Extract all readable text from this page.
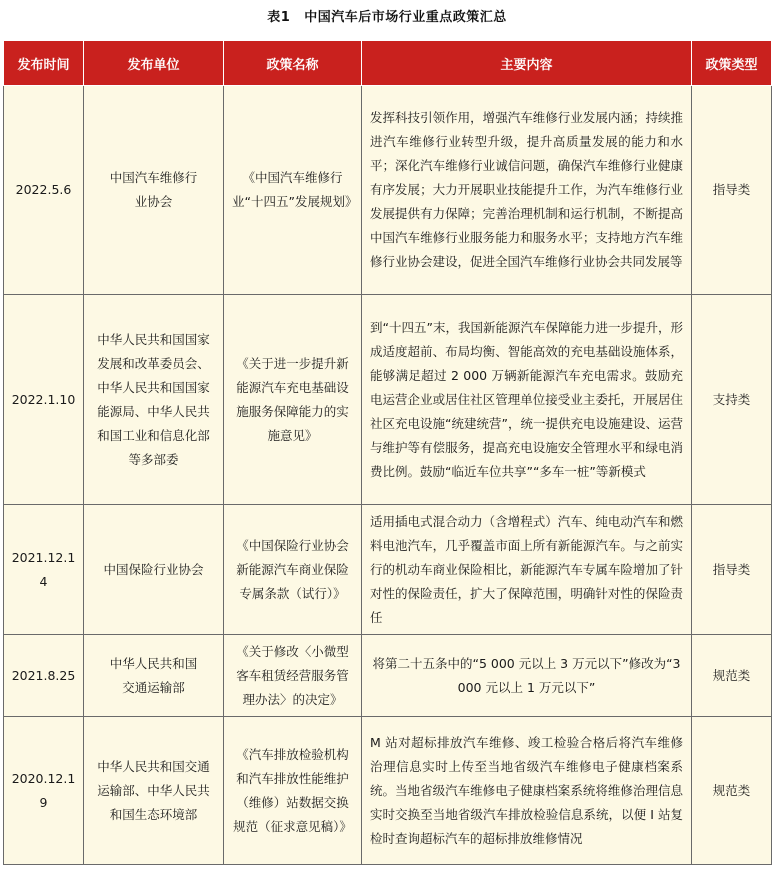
表1 中国汽车后市场行业重点政策汇总
发布时间	发布单位	政策名称	主要内容	政策类型
2022.5.6	中国汽车维修行业协会	《中国汽车维修行业“十四五”发展规划》	发挥科技引领作用，增强汽车维修行业发展内涵；持续推进汽车维修行业转型升级，提升高质量发展的能力和水平；深化汽车维修行业诚信问题，确保汽车维修行业健康有序发展；大力开展职业技能提升工作，为汽车维修行业发展提供有力保障；完善治理机制和运行机制，不断提高中国汽车维修行业服务能力和服务水平；支持地方汽车维修行业协会建设，促进全国汽车维修行业协会共同发展等	指导类
2022.1.10	中华人民共和国国家发展和改革委员会、中华人民共和国国家能源局、中华人民共和国工业和信息化部等多部委	《关于进一步提升新能源汽车充电基础设施服务保障能力的实施意见》	到“十四五”末，我国新能源汽车保障能力进一步提升，形成适度超前、布局均衡、智能高效的充电基础设施体系，能够满足超过 2 000 万辆新能源汽车充电需求。鼓励充电运营企业或居住社区管理单位接受业主委托，开展居住社区充电设施“统建统营”，统一提供充电设施建设、运营与维护等有偿服务，提高充电设施安全管理水平和绿电消费比例。鼓励“临近车位共享”“多车一桩”等新模式	支持类
2021.12.14	中国保险行业协会	《中国保险行业协会新能源汽车商业保险专属条款（试行）》	适用插电式混合动力（含增程式）汽车、纯电动汽车和燃料电池汽车，几乎覆盖市面上所有新能源汽车。与之前实行的机动车商业保险相比，新能源汽车专属车险增加了针对性的保险责任，扩大了保障范围，明确针对性的保险责任	指导类
2021.8.25	中华人民共和国交通运输部	《关于修改〈小微型客车租赁经营服务管理办法〉的决定》	将第二十五条中的“5 000 元以上 3 万元以下”修改为“3 000 元以上 1 万元以下”	规范类
2020.12.19	中华人民共和国交通运输部、中华人民共和国生态环境部	《汽车排放检验机构和汽车排放性能维护（维修）站数据交换规范（征求意见稿）》	M 站对超标排放汽车维修、竣工检验合格后将汽车维修治理信息实时上传至当地省级汽车维修电子健康档案系统。当地省级汽车维修电子健康档案系统将维修治理信息实时交换至当地省级汽车排放检验信息系统，以便 I 站复检时查询超标汽车的超标排放维修情况	规范类
